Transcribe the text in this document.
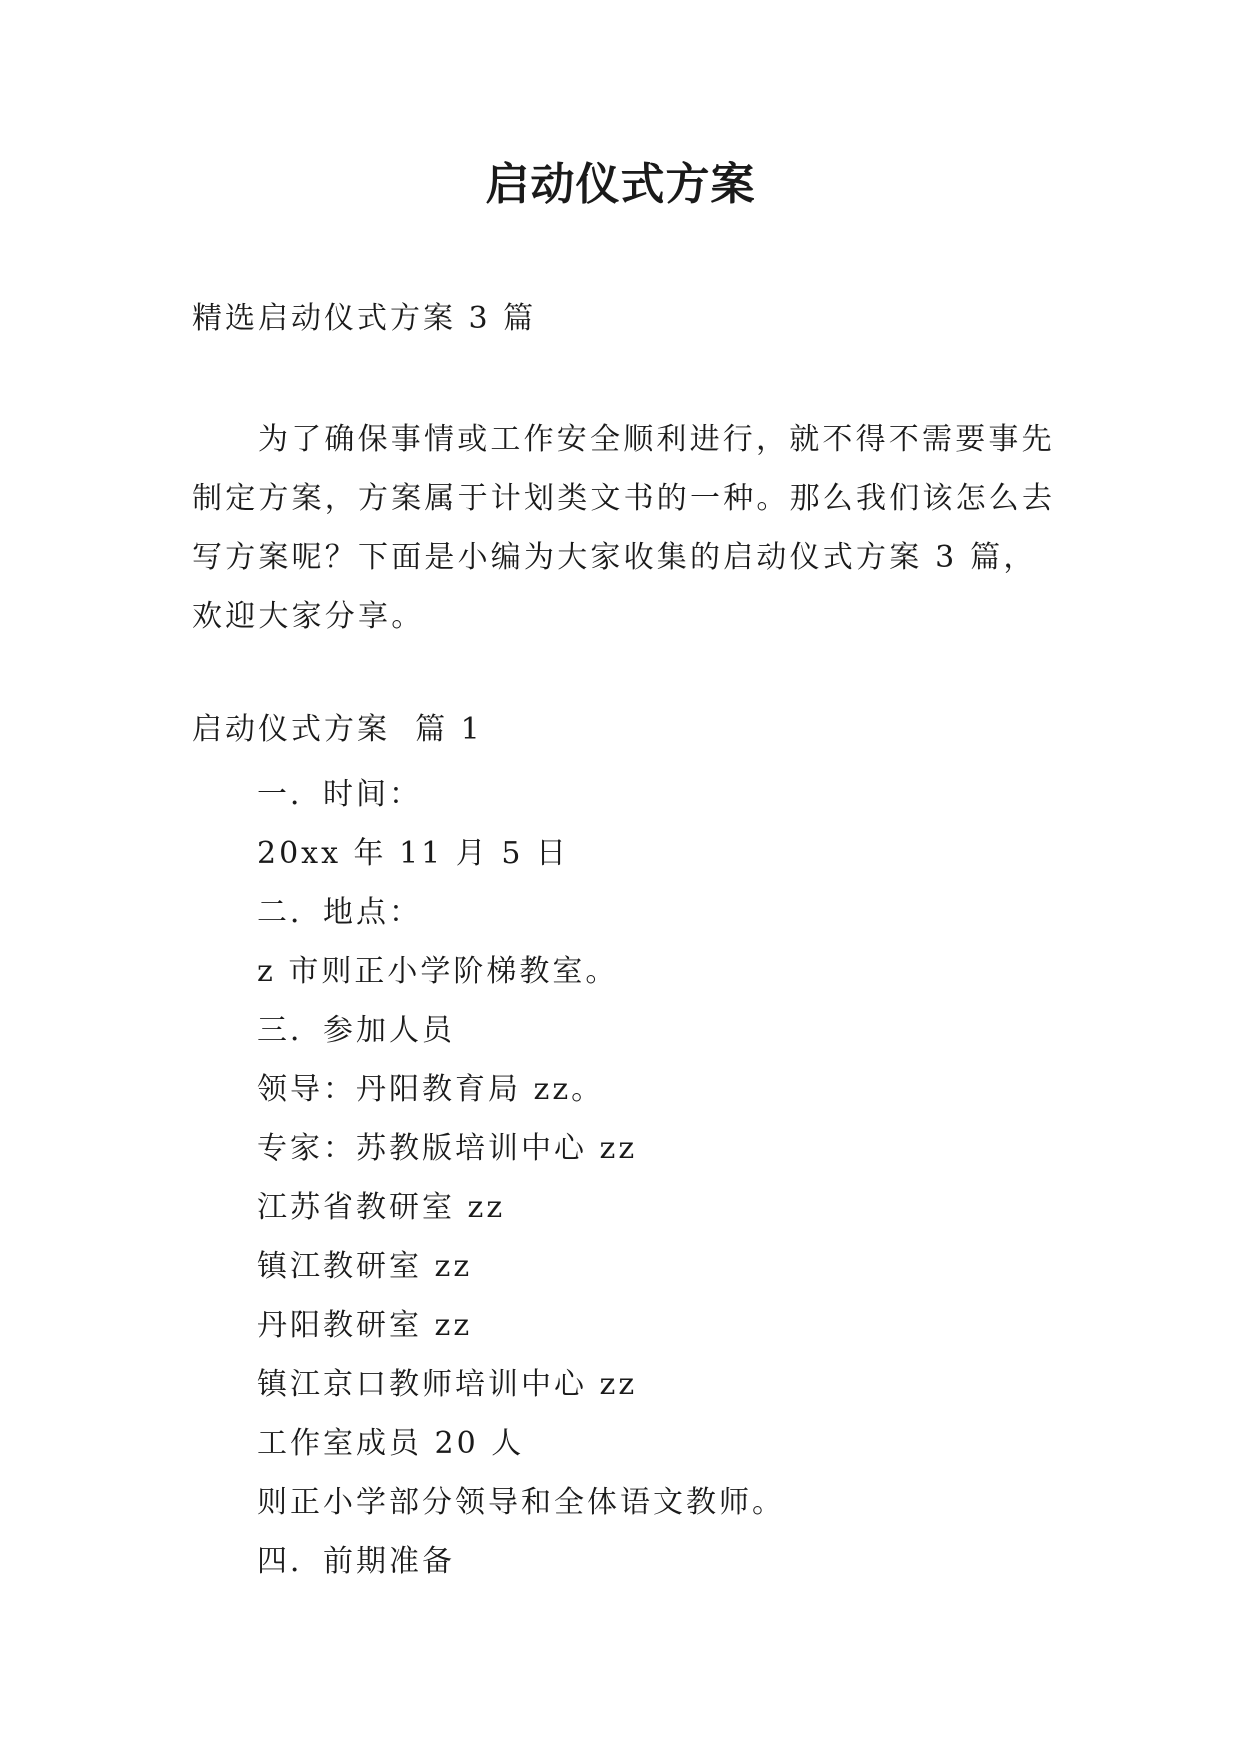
启动仪式方案
精选启动仪式方案 3 篇

为了确保事情或工作安全顺利进行，就不得不需要事先制定方案，方案属于计划类文书的一种。那么我们该怎么去写方案呢？下面是小编为大家收集的启动仪式方案 3 篇，欢迎大家分享。

启动仪式方案  篇 1
一．时间：
20xx 年 11 月 5 日
二．地点：
z 市则正小学阶梯教室。
三．参加人员
领导：丹阳教育局 zz。
专家：苏教版培训中心 zz
江苏省教研室 zz
镇江教研室 zz
丹阳教研室 zz
镇江京口教师培训中心 zz
工作室成员 20 人
则正小学部分领导和全体语文教师。
四．前期准备
